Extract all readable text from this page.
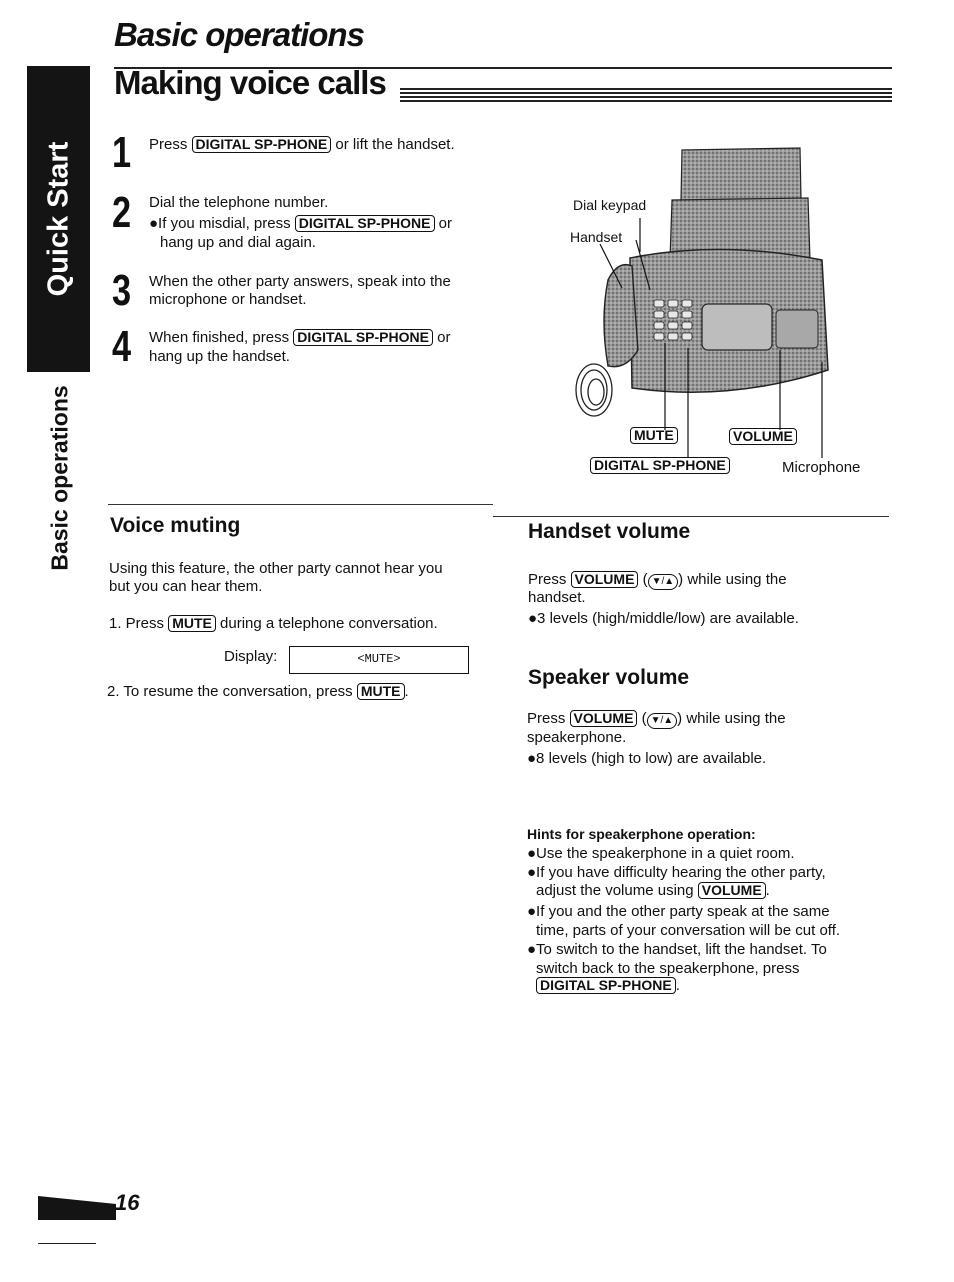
Basic operations
Making voice calls
Quick Start
Basic operations
1 Press DIGITAL SP-PHONE or lift the handset.
2 Dial the telephone number.
●If you misdial, press DIGITAL SP-PHONE or
hang up and dial again.
3 When the other party answers, speak into the
microphone or handset.
4 When finished, press DIGITAL SP-PHONE or
hang up the handset.
Dial keypad
Handset
MUTE	VOLUME
DIGITAL SP-PHONE	Microphone
Voice muting
Using this feature, the other party cannot hear you
but you can hear them.
1. Press MUTE during a telephone conversation.
Display:	<MUTE>
2. To resume the conversation, press MUTE .
Handset volume
Press VOLUME ( ▼/▲ ) while using the
handset.
●3 levels (high/middle/low) are available.
Speaker volume
Press VOLUME ( ▼/▲ ) while using the
speakerphone.
●8 levels (high to low) are available.
Hints for speakerphone operation:
●Use the speakerphone in a quiet room.
●If you have difficulty hearing the other party,
adjust the volume using VOLUME .
●If you and the other party speak at the same
time, parts of your conversation will be cut off.
●To switch to the handset, lift the handset. To
switch back to the speakerphone, press
DIGITAL SP-PHONE .
16
